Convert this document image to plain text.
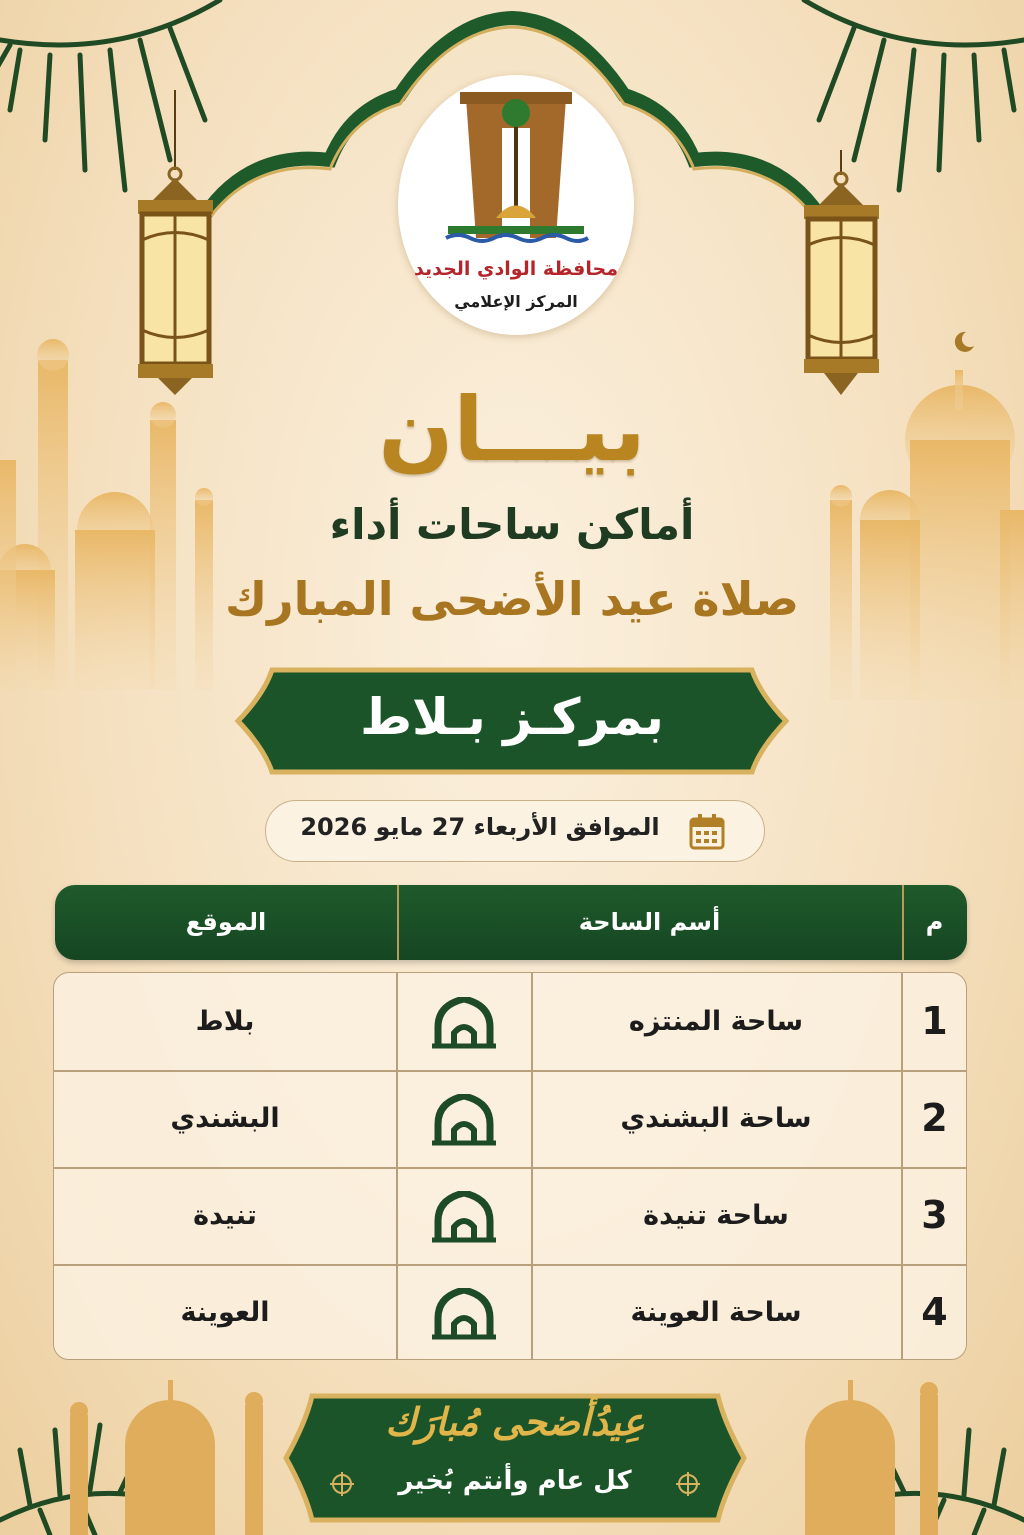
محافظة الوادي الجديد
المركز الإعلامي
بيـــان
أماكن ساحات أداء
صلاة عيد الأضحى المبارك
بمركـز بـلاط
الموافق الأربعاء 27 مايو 2026
الموقع	أسم الساحة	م
بلاط	ساحة المنتزه	1
البشندي	ساحة البشندي	2
تنيدة	ساحة تنيدة	3
العوينة	ساحة العوينة	4
عِيدُأضحى مُبارَك
كل عام وأنتم بُخير
